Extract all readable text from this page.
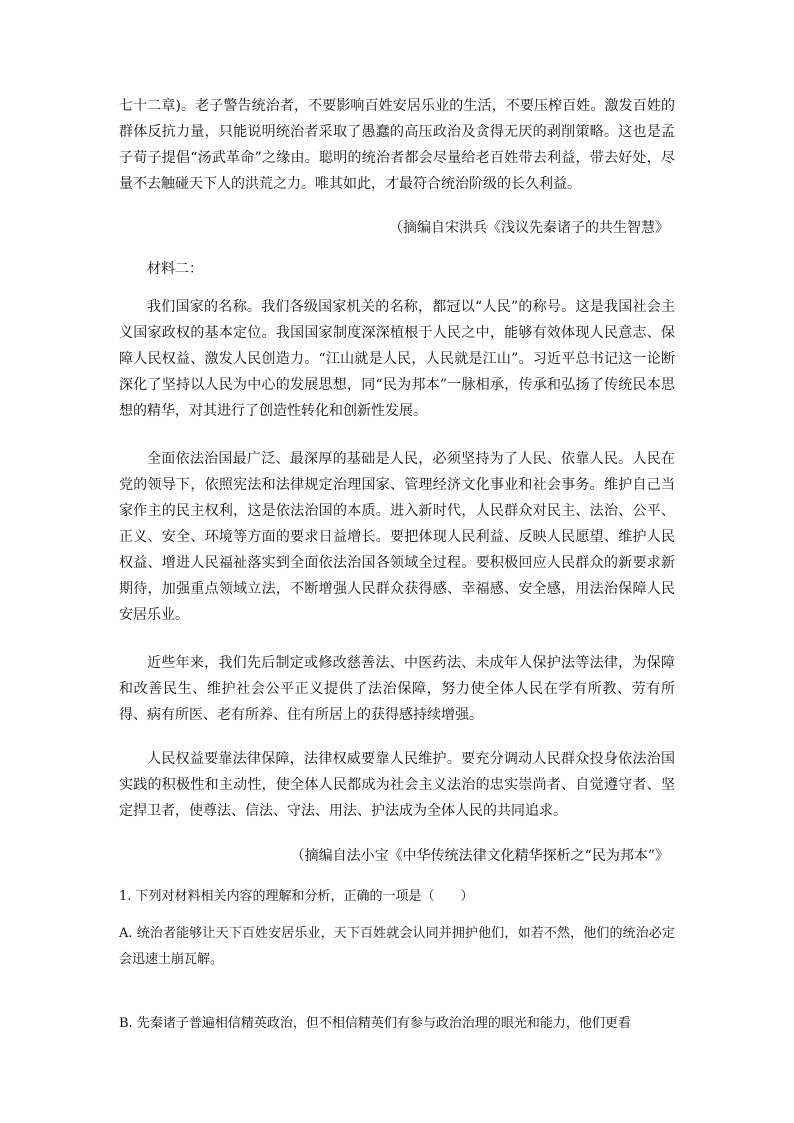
七十二章)。老子警告统治者，不要影响百姓安居乐业的生活，不要压榨百姓。激发百姓的群体反抗力量，只能说明统治者采取了愚蠢的高压政治及贪得无厌的剥削策略。这也是孟子荀子提倡“汤武革命”之缘由。聪明的统治者都会尽量给老百姓带去利益，带去好处，尽量不去触碰天下人的洪荒之力。唯其如此，才最符合统治阶级的长久利益。
（摘编自宋洪兵《浅议先秦诸子的共生智慧》
材料二：
我们国家的名称。我们各级国家机关的名称，都冠以“人民”的称号。这是我国社会主义国家政权的基本定位。我国国家制度深深植根于人民之中，能够有效体现人民意志、保障人民权益、激发人民创造力。“江山就是人民，人民就是江山”。习近平总书记这一论断深化了坚持以人民为中心的发展思想，同“民为邦本”一脉相承，传承和弘扬了传统民本思想的精华，对其进行了创造性转化和创新性发展。
全面依法治国最广泛、最深厚的基础是人民，必须坚持为了人民、依靠人民。人民在党的领导下，依照宪法和法律规定治理国家、管理经济文化事业和社会事务。维护自己当家作主的民主权利，这是依法治国的本质。进入新时代，人民群众对民主、法治、公平、正义、安全、环境等方面的要求日益增长。要把体现人民利益、反映人民愿望、维护人民权益、增进人民福祉落实到全面依法治国各领域全过程。要积极回应人民群众的新要求新期待，加强重点领域立法，不断增强人民群众获得感、幸福感、安全感，用法治保障人民安居乐业。
近些年来，我们先后制定或修改慈善法、中医药法、未成年人保护法等法律，为保障和改善民生、维护社会公平正义提供了法治保障，努力使全体人民在学有所教、劳有所得、病有所医、老有所养、住有所居上的获得感持续增强。
人民权益要靠法律保障，法律权威要靠人民维护。要充分调动人民群众投身依法治国实践的积极性和主动性，使全体人民都成为社会主义法治的忠实崇尚者、自觉遵守者、坚定捍卫者，使尊法、信法、守法、用法、护法成为全体人民的共同追求。
（摘编自法小宝《中华传统法律文化精华探析之“民为邦本”》
1. 下列对材料相关内容的理解和分析，正确的一项是（　　）
A. 统治者能够让天下百姓安居乐业，天下百姓就会认同并拥护他们，如若不然，他们的统治必定会迅速土崩瓦解。
B. 先秦诸子普遍相信精英政治，但不相信精英们有参与政治治理的眼光和能力，他们更看
